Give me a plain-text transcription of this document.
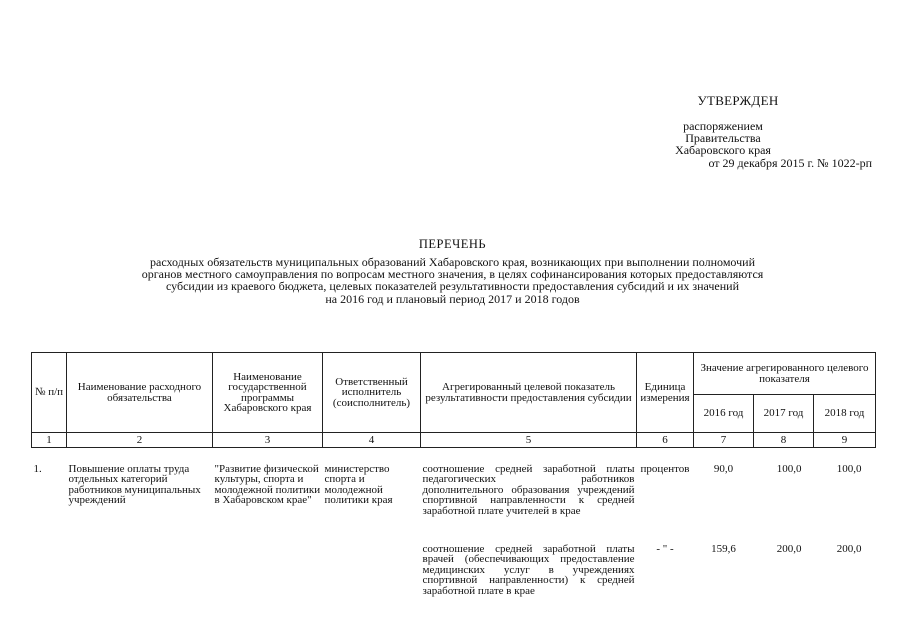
УТВЕРЖДЕН
распоряжением
Правительства
Хабаровского края
от 29 декабря 2015 г. № 1022-рп
ПЕРЕЧЕНЬ
расходных обязательств муниципальных образований Хабаровского края, возникающих при выполнении полномочий
органов местного самоуправления по вопросам местного значения, в целях софинансирования которых предоставляются
субсидии из краевого бюджета, целевых показателей результативности предоставления субсидий и их значений
на 2016 год и плановый период 2017 и 2018 годов
№ п/п	Наименование расходного обязательства	Наименование государственной программы Хабаровского края	Ответственный исполнитель (соисполнитель)	Агрегированный целевой показатель результативности предоставления субсидии	Единица измерения	Значение агрегированного целевого показателя		
						2016 год	2017 год	2018 год
1	2	3	4	5	6	7	8	9

1.	Повышение оплаты труда отдельных категорий работников муниципальных учреждений	"Развитие физической культуры, спорта и молодежной политики в Хабаровском крае"	министерство спорта и молодежной политики края	соотношение средней заработной платы педагогических работников дополнительного образования учреждений спортивной направленности к средней заработной плате учителей в крае	процентов	90,0	100,0	100,0
				соотношение средней заработной платы врачей (обеспечивающих предоставление медицинских услуг в учреждениях спортивной направленности) к средней заработной плате в крае	- " -	159,6	200,0	200,0
